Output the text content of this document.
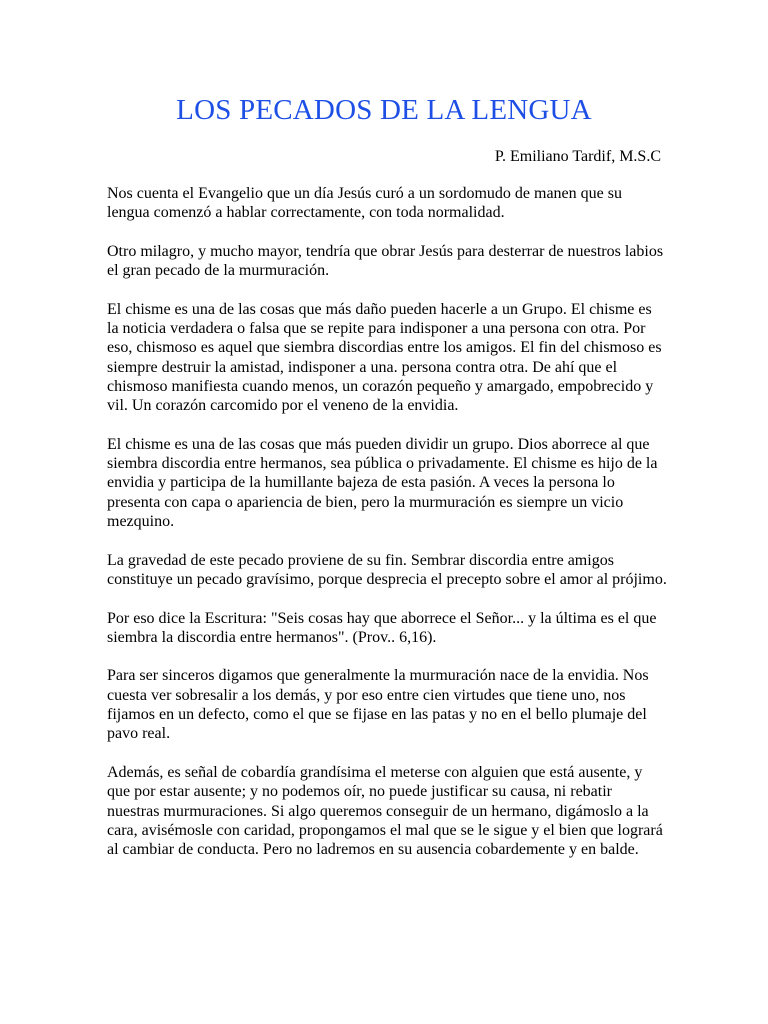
LOS PECADOS DE LA LENGUA

P. Emiliano Tardif, M.S.C

Nos cuenta el Evangelio que un día Jesús curó a un sordomudo de manen que su lengua comenzó a hablar correctamente, con toda normalidad.

Otro milagro, y mucho mayor, tendría que obrar Jesús para desterrar de nuestros labios el gran pecado de la murmuración.

El chisme es una de las cosas que más daño pueden hacerle a un Grupo. El chisme es la noticia verdadera o falsa que se repite para indisponer a una persona con otra. Por eso, chismoso es aquel que siembra discordias entre los amigos. El fin del chismoso es siempre destruir la amistad, indisponer a una. persona contra otra. De ahí que el chismoso manifiesta cuando menos, un corazón pequeño y amargado, empobrecido y vil. Un corazón carcomido por el veneno de la envidia.

El chisme es una de las cosas que más pueden dividir un grupo. Dios aborrece al que siembra discordia entre hermanos, sea pública o privadamente. El chisme es hijo de la envidia y participa de la humillante bajeza de esta pasión. A veces la persona lo presenta con capa o apariencia de bien, pero la murmuración es siempre un vicio mezquino.

La gravedad de este pecado proviene de su fin. Sembrar discordia entre amigos constituye un pecado gravísimo, porque desprecia el precepto sobre el amor al prójimo.

Por eso dice la Escritura: "Seis cosas hay que aborrece el Señor... y la última es el que siembra la discordia entre hermanos". (Prov.. 6,16).

Para ser sinceros digamos que generalmente la murmuración nace de la envidia. Nos cuesta ver sobresalir a los demás, y por eso entre cien virtudes que tiene uno, nos fijamos en un defecto, como el que se fijase en las patas y no en el bello plumaje del pavo real.

Además, es señal de cobardía grandísima el meterse con alguien que está ausente, y que por estar ausente; y no podemos oír, no puede justificar su causa, ni rebatir nuestras murmuraciones. Si algo queremos conseguir de un hermano, digámoslo a la cara, avisémosle con caridad, propongamos el mal que se le sigue y el bien que logrará al cambiar de conducta. Pero no ladremos en su ausencia cobardemente y en balde.
